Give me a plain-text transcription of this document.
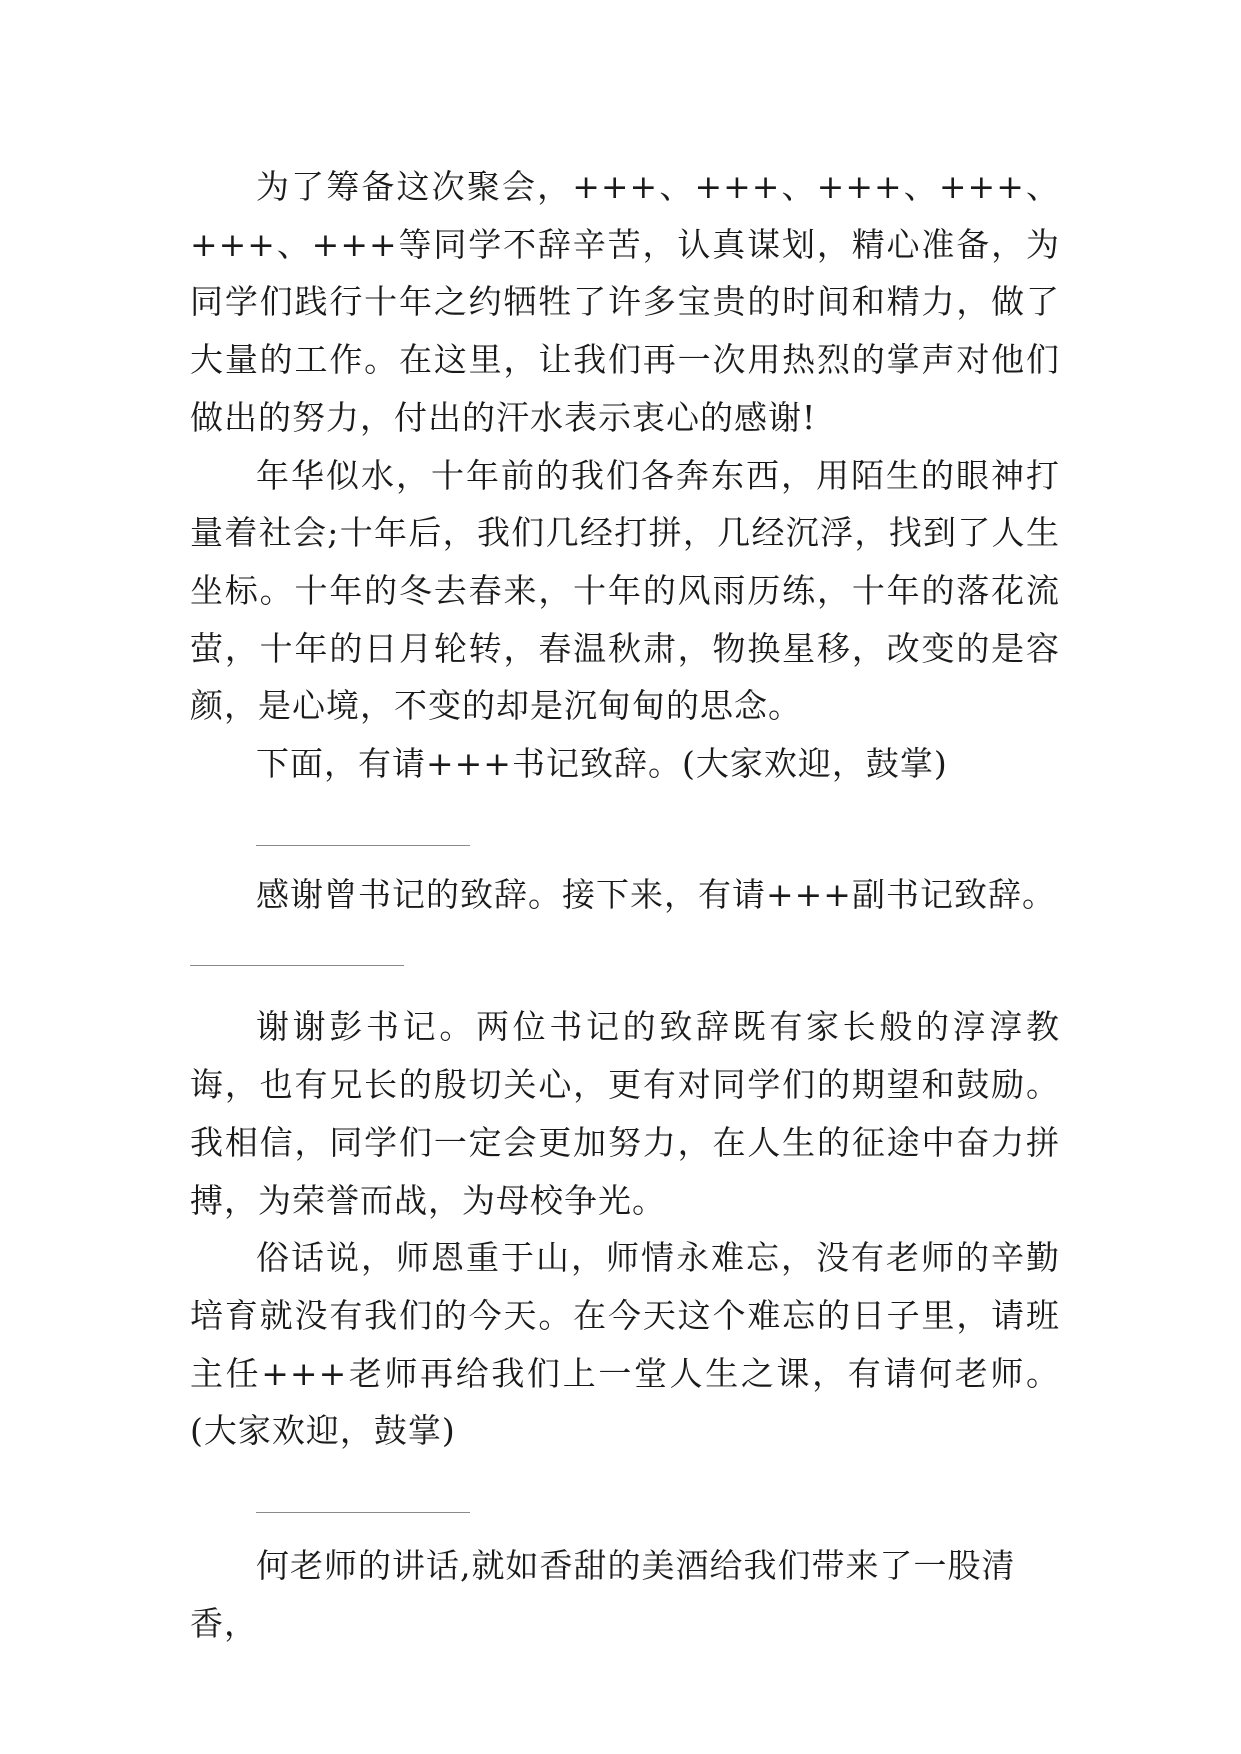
为了筹备这次聚会，+++、+++、+++、+++、+++、+++等同学不辞辛苦，认真谋划，精心准备，为同学们践行十年之约牺牲了许多宝贵的时间和精力，做了大量的工作。在这里，让我们再一次用热烈的掌声对他们做出的努力，付出的汗水表示衷心的感谢!

年华似水，十年前的我们各奔东西，用陌生的眼神打量着社会;十年后，我们几经打拼，几经沉浮，找到了人生坐标。十年的冬去春来，十年的风雨历练，十年的落花流萤，十年的日月轮转，春温秋肃，物换星移，改变的是容颜，是心境，不变的却是沉甸甸的思念。

下面，有请+++书记致辞。(大家欢迎，鼓掌)

感谢曾书记的致辞。接下来，有请+++副书记致辞。

谢谢彭书记。两位书记的致辞既有家长般的淳淳教诲，也有兄长的殷切关心，更有对同学们的期望和鼓励。我相信，同学们一定会更加努力，在人生的征途中奋力拼搏，为荣誉而战，为母校争光。

俗话说，师恩重于山，师情永难忘，没有老师的辛勤培育就没有我们的今天。在今天这个难忘的日子里，请班主任+++老师再给我们上一堂人生之课，有请何老师。(大家欢迎，鼓掌)

何老师的讲话,就如香甜的美酒给我们带来了一股清香，
